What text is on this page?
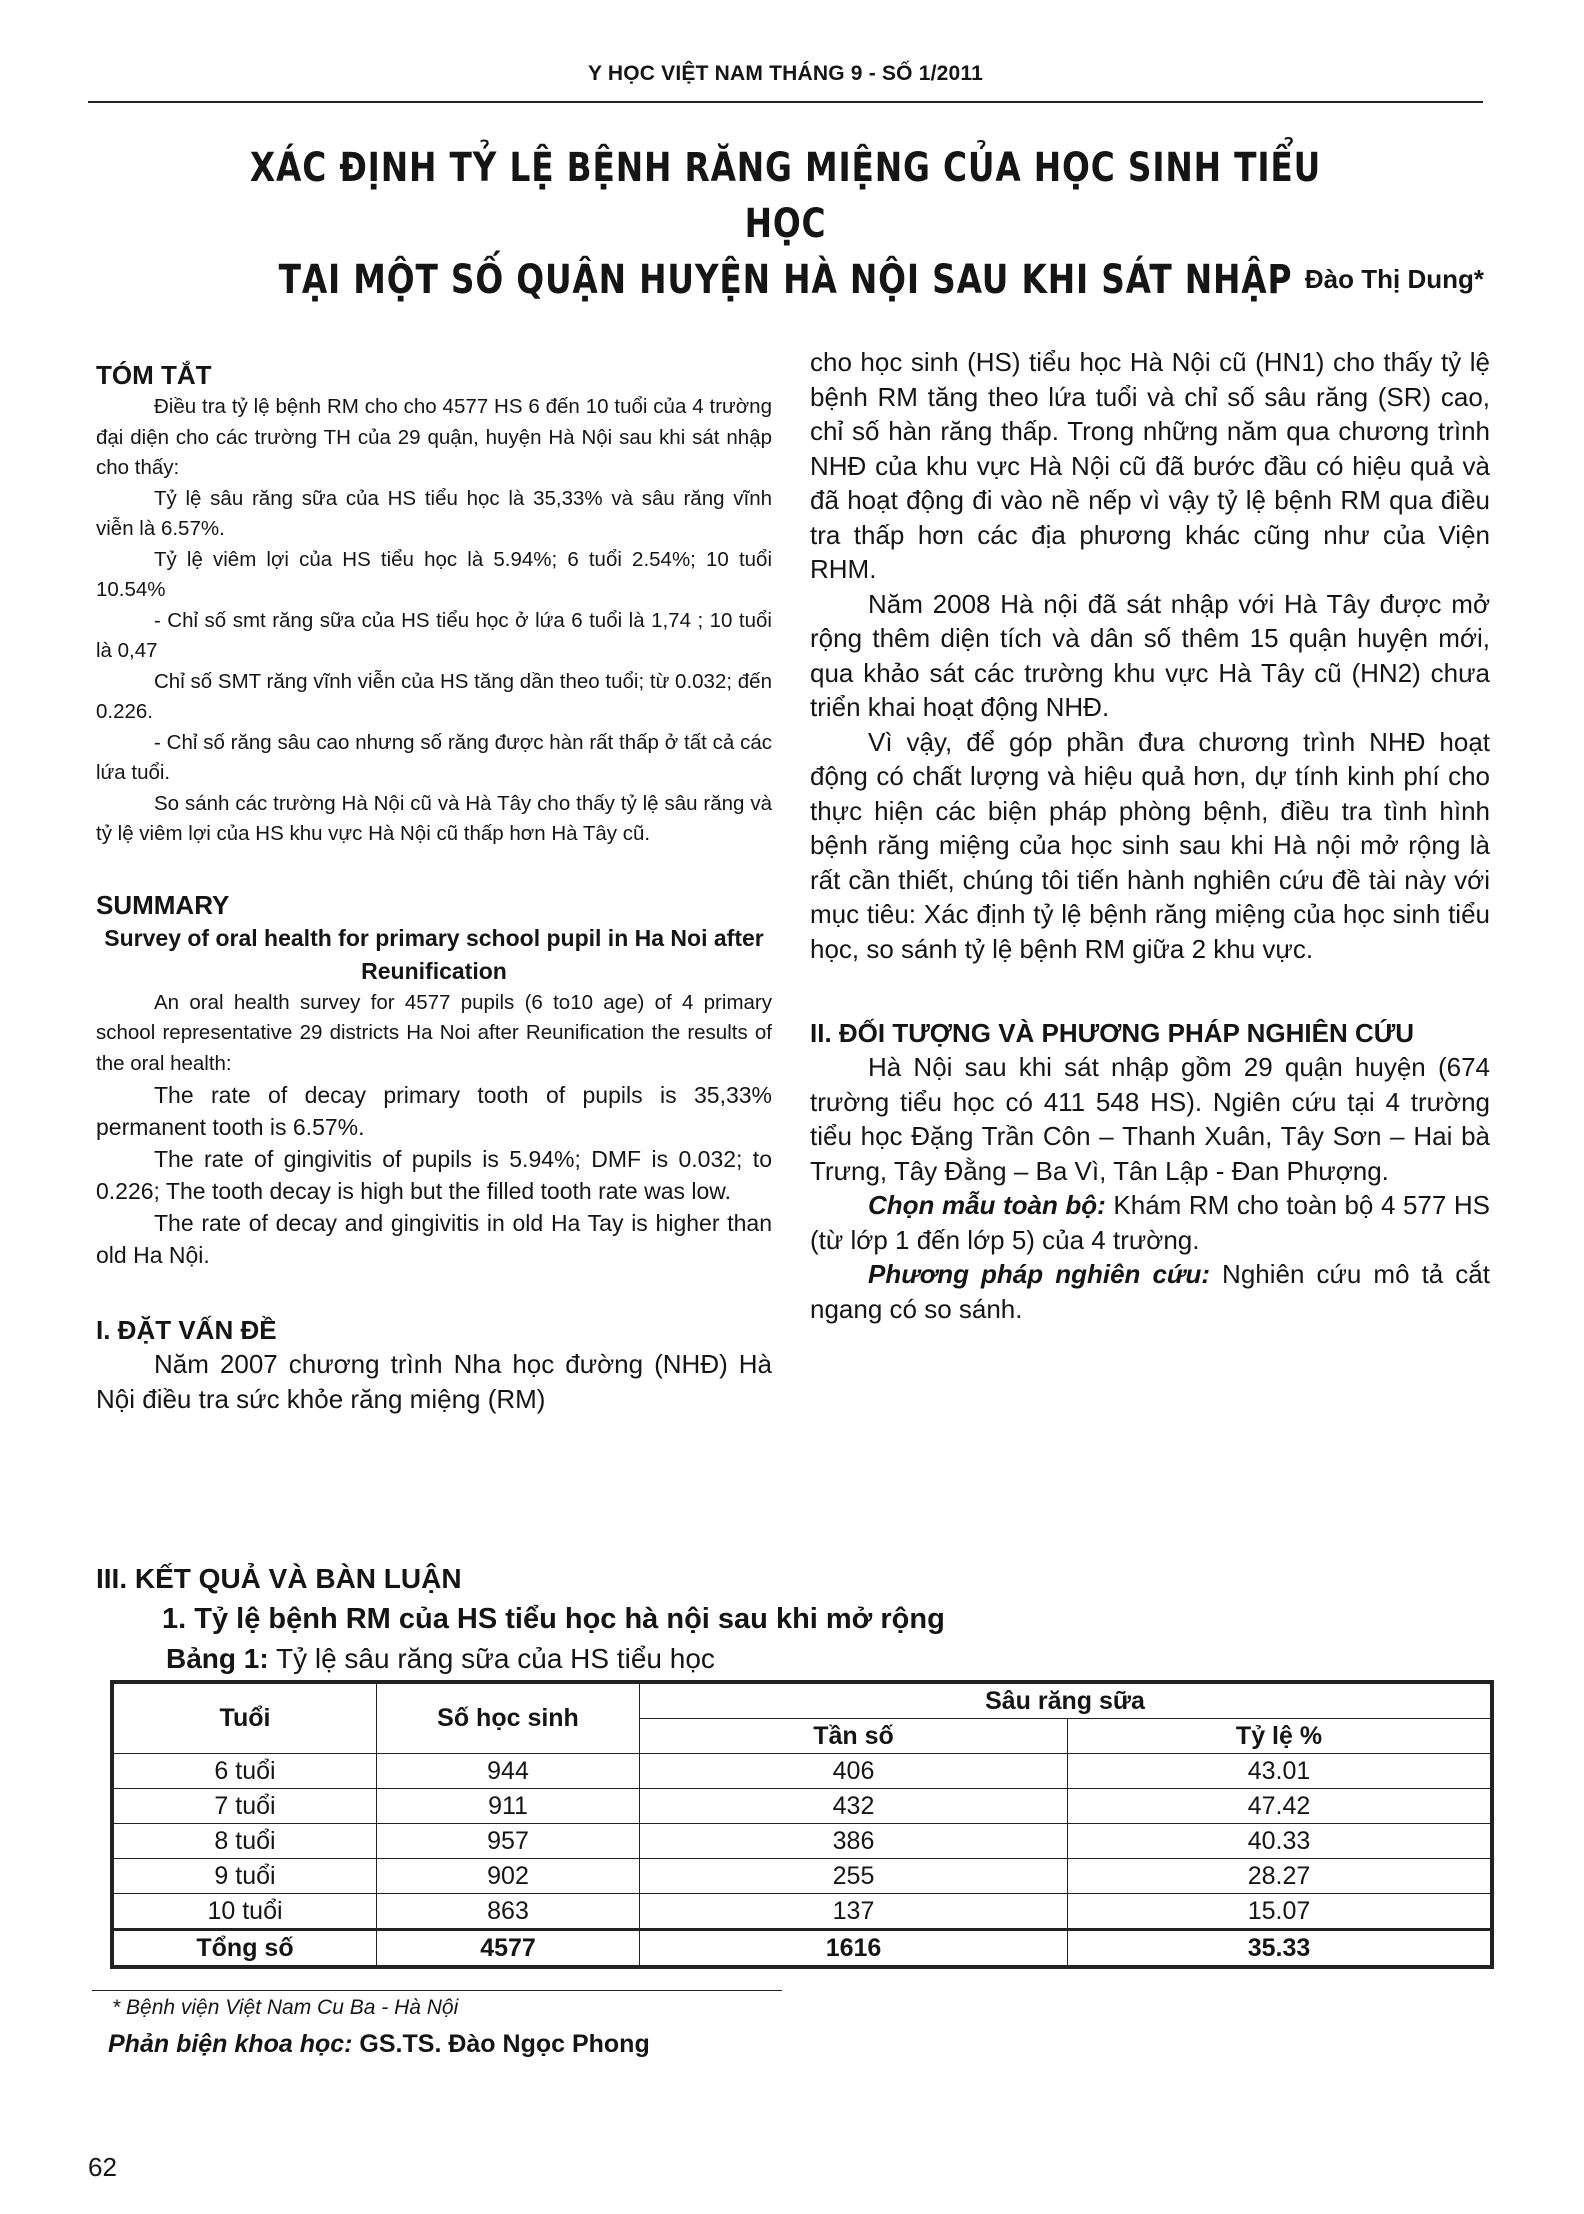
Y HỌC VIỆT NAM THÁNG 9 - SỐ 1/2011
XÁC ĐỊNH TỶ LỆ BỆNH RĂNG MIỆNG CỦA HỌC SINH TIỂU HỌC
TẠI MỘT SỐ QUẬN HUYỆN HÀ NỘI SAU KHI SÁT NHẬP Đào Thị Dung*
TÓM TẮT

Điều tra tỷ lệ bệnh RM cho cho 4577 HS 6 đến 10 tuổi của 4 trường đại diện cho các trường TH của 29 quận, huyện Hà Nội sau khi sát nhập cho thấy:

Tỷ lệ sâu răng sữa của HS tiểu học là 35,33% và sâu răng vĩnh viễn là 6.57%.

Tỷ lệ viêm lợi của HS tiểu học là 5.94%; 6 tuổi 2.54%; 10 tuổi 10.54%

- Chỉ số smt răng sữa của HS tiểu học ở lứa 6 tuổi là 1,74 ; 10 tuổi là 0,47

Chỉ số SMT răng vĩnh viễn của HS tăng dần theo tuổi; từ 0.032; đến 0.226.

- Chỉ số răng sâu cao nhưng số răng được hàn rất thấp ở tất cả các lứa tuổi.

So sánh các trường Hà Nội cũ và Hà Tây cho thấy tỷ lệ sâu răng và tỷ lệ viêm lợi của HS khu vực Hà Nội cũ thấp hơn Hà Tây cũ.

SUMMARY
Survey of oral health for primary school pupil in Ha Noi after Reunification

An oral health survey for 4577 pupils (6 to10 age) of 4 primary school representative 29 districts Ha Noi after Reunification the results of the oral health:

The rate of decay primary tooth of pupils is 35,33% permanent tooth is 6.57%.

The rate of gingivitis of pupils is 5.94%; DMF is 0.032; to 0.226; The tooth decay is high but the filled tooth rate was low.

The rate of decay and gingivitis in old Ha Tay is higher than old Ha Nội.

I. ĐẶT VẤN ĐỀ

Năm 2007 chương trình Nha học đường (NHĐ) Hà Nội điều tra sức khỏe răng miệng (RM)

cho học sinh (HS) tiểu học Hà Nội cũ (HN1) cho thấy tỷ lệ bệnh RM tăng theo lứa tuổi và chỉ số sâu răng (SR) cao, chỉ số hàn răng thấp. Trong những năm qua chương trình NHĐ của khu vực Hà Nội cũ đã bước đầu có hiệu quả và đã hoạt động đi vào nề nếp vì vậy tỷ lệ bệnh RM qua điều tra thấp hơn các địa phương khác cũng như của Viện RHM.

Năm 2008 Hà nội đã sát nhập với Hà Tây được mở rộng thêm diện tích và dân số thêm 15 quận huyện mới, qua khảo sát các trường khu vực Hà Tây cũ (HN2) chưa triển khai hoạt động NHĐ.

Vì vậy, để góp phần đưa chương trình NHĐ hoạt động có chất lượng và hiệu quả hơn, dự tính kinh phí cho thực hiện các biện pháp phòng bệnh, điều tra tình hình bệnh răng miệng của học sinh sau khi Hà nội mở rộng là rất cần thiết, chúng tôi tiến hành nghiên cứu đề tài này với mục tiêu: Xác định tỷ lệ bệnh răng miệng của học sinh tiểu học, so sánh tỷ lệ bệnh RM giữa 2 khu vực.

II. ĐỐI TƯỢNG VÀ PHƯƠNG PHÁP NGHIÊN CỨU

Hà Nội sau khi sát nhập gồm 29 quận huyện (674 trường tiểu học có 411 548 HS). Ngiên cứu tại 4 trường tiểu học Đặng Trần Côn – Thanh Xuân, Tây Sơn – Hai bà Trưng, Tây Đằng – Ba Vì, Tân Lập - Đan Phượng.

Chọn mẫu toàn bộ: Khám RM cho toàn bộ 4 577 HS (từ lớp 1 đến lớp 5) của 4 trường.

Phương pháp nghiên cứu: Nghiên cứu mô tả cắt ngang có so sánh.

III. KẾT QUẢ VÀ BÀN LUẬN
1. Tỷ lệ bệnh RM của HS tiểu học hà nội sau khi mở rộng
Bảng 1: Tỷ lệ sâu răng sữa của HS tiểu học
Tuổi	Số học sinh	Sâu răng sữa	
		Tần số	Tỷ lệ %
6 tuổi	944	406	43.01
7 tuổi	911	432	47.42
8 tuổi	957	386	40.33
9 tuổi	902	255	28.27
10 tuổi	863	137	15.07
Tổng số	4577	1616	35.33
* Bệnh viện Việt Nam Cu Ba - Hà Nội
Phản biện khoa học: GS.TS. Đào Ngọc Phong
62
